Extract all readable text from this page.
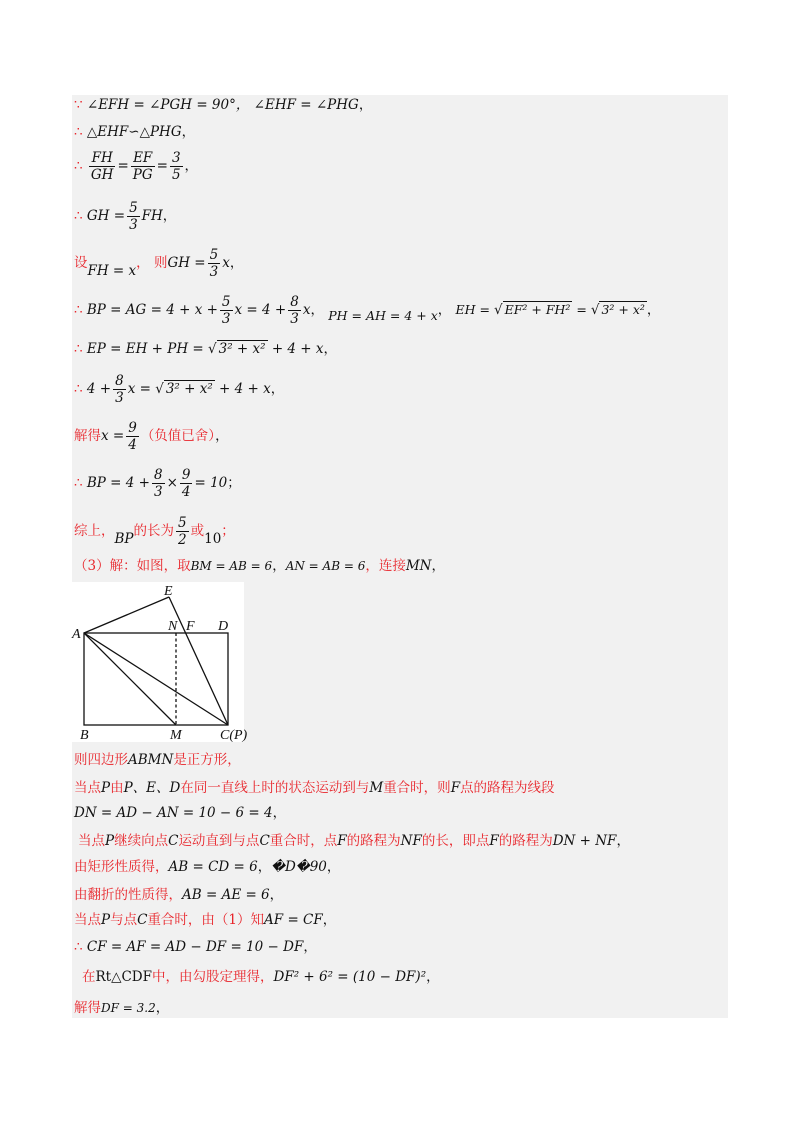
∵ ∠EFH = ∠PGH = 90°， ∠EHF = ∠PHG，
∴ △EHF∽△PHG，
∴ $\frac{FH}{GH} = \frac{EF}{PG} = \frac{3}{5}$ ，
∴ GH = $\frac{5}{3}$ FH，
设FH = x， 则GH = $\frac{5}{3}$ x，
∴ BP = AG = $4 + x + \frac{5}{3}$ $x = 4 + \frac{8}{3}$ x， PH = AH = 4 + x， EH = √ EF² + FH² = √ 3² + x² ，
∴ EP = EH + PH = √ 3² + x² + 4 + x，
∴ $4 + \frac{8}{3}$ x = √ 3² + x² + 4 + x，
解得$x = \frac{9}{4}$ （负值已舍），
∴ BP = $4 + \frac{8}{3} \times \frac{9}{4} = 10$；
综上，BP的长为 $\frac{5}{2}$ 或10；
（3）解：如图，取BM = AB = 6，AN = AB = 6，连接MN，
A
B	C(P)
D
E
F
M
N
则四边形ABMN是正方形，
当点P由P、E、D在同一直线上时的状态运动到与M重合时，则F点的路程为线段
DN = AD − AN = 10 − 6 = 4，
当点P继续向点C运动直到与点C重合时，点F的路程为NF的长，即点F的路程为DN + NF，
由矩形性质得，AB = CD = 6，�D�90，
由翻折的性质得，AB = AE = 6，
当点P与点C重合时，由（1）知AF = CF，
∴ CF = AF = AD − DF = 10 − DF，
在Rt△CDF中，由勾股定理得，DF² + 6² = (10 − DF)²，
解得DF = 3.2，
